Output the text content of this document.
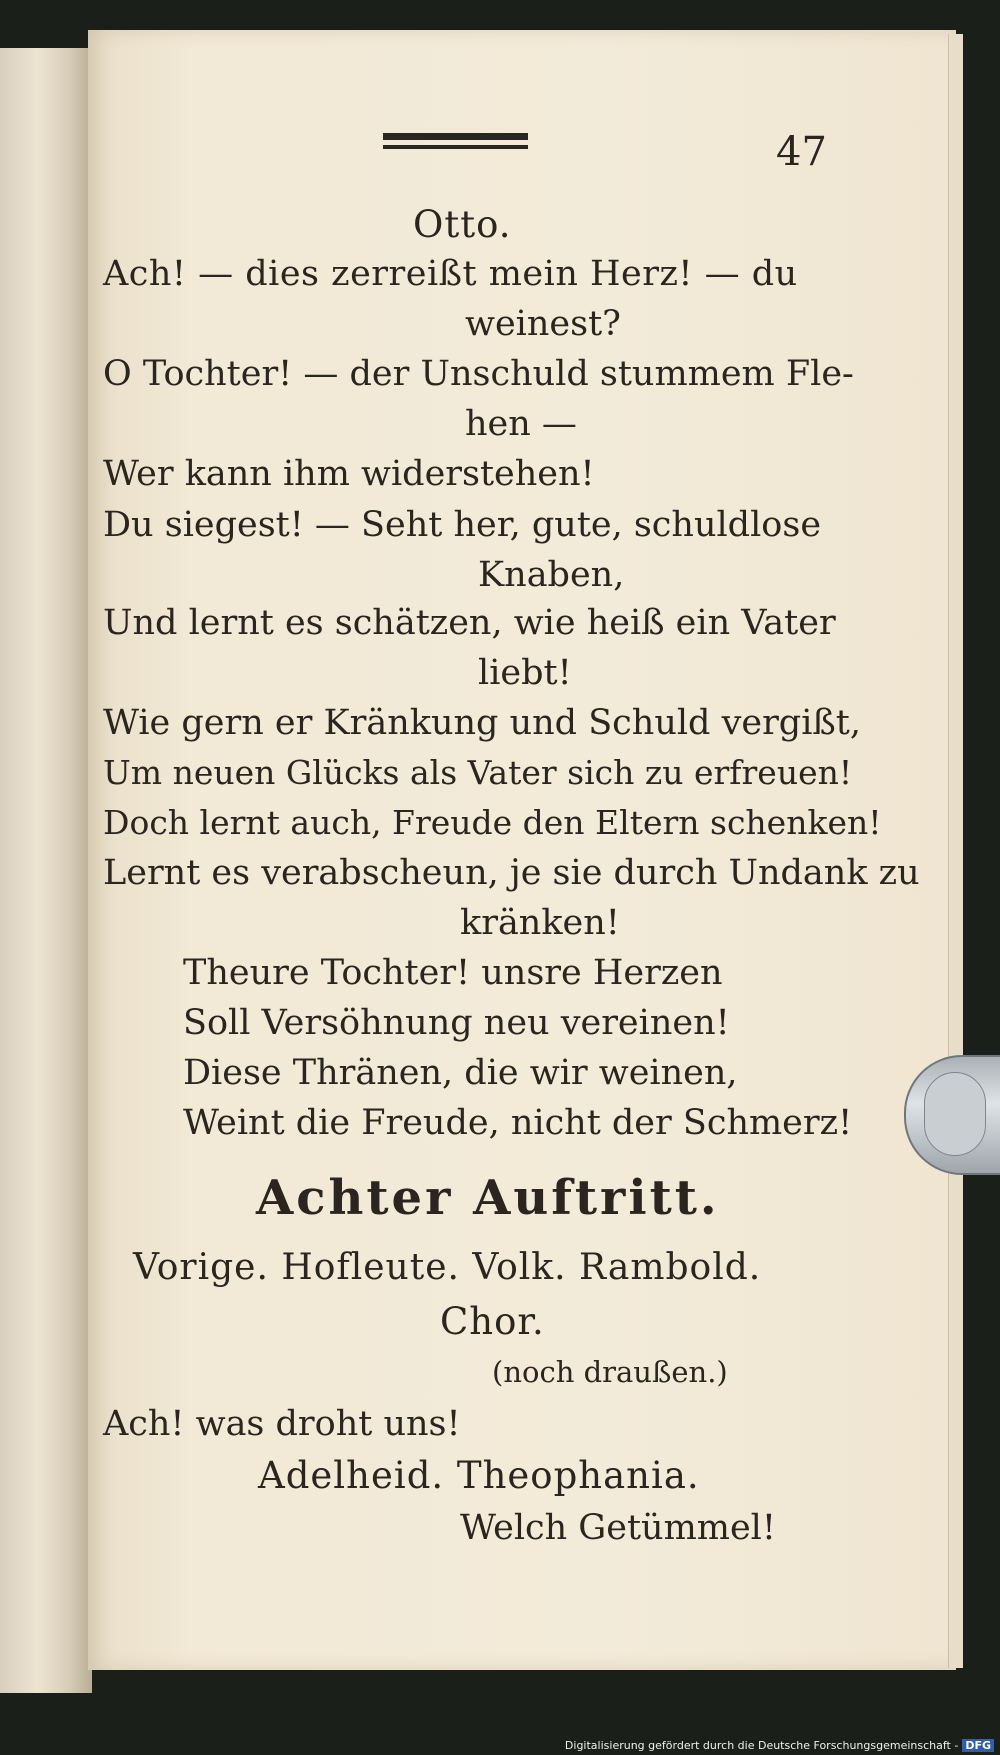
47
Otto.
Ach! — dies zerreißt mein Herz! — du
weinest?
O Tochter! — der Unschuld stummem Fle-
hen —
Wer kann ihm widerstehen!
Du siegest! — Seht her, gute, schuldlose
Knaben,
Und lernt es schätzen, wie heiß ein Vater
liebt!
Wie gern er Kränkung und Schuld vergißt,
Um neuen Glücks als Vater sich zu erfreuen!
Doch lernt auch, Freude den Eltern schenken!
Lernt es verabscheun, je sie durch Undank zu
kränken!
Theure Tochter! unsre Herzen
Soll Versöhnung neu vereinen!
Diese Thränen, die wir weinen,
Weint die Freude, nicht der Schmerz!
Achter Auftritt.
Vorige. Hofleute. Volk. Rambold.
Chor.
(noch draußen.)
Ach! was droht uns!
Adelheid. Theophania.
Welch Getümmel!
Digitalisierung gefördert durch die Deutsche Forschungsgemeinschaft - DFG
